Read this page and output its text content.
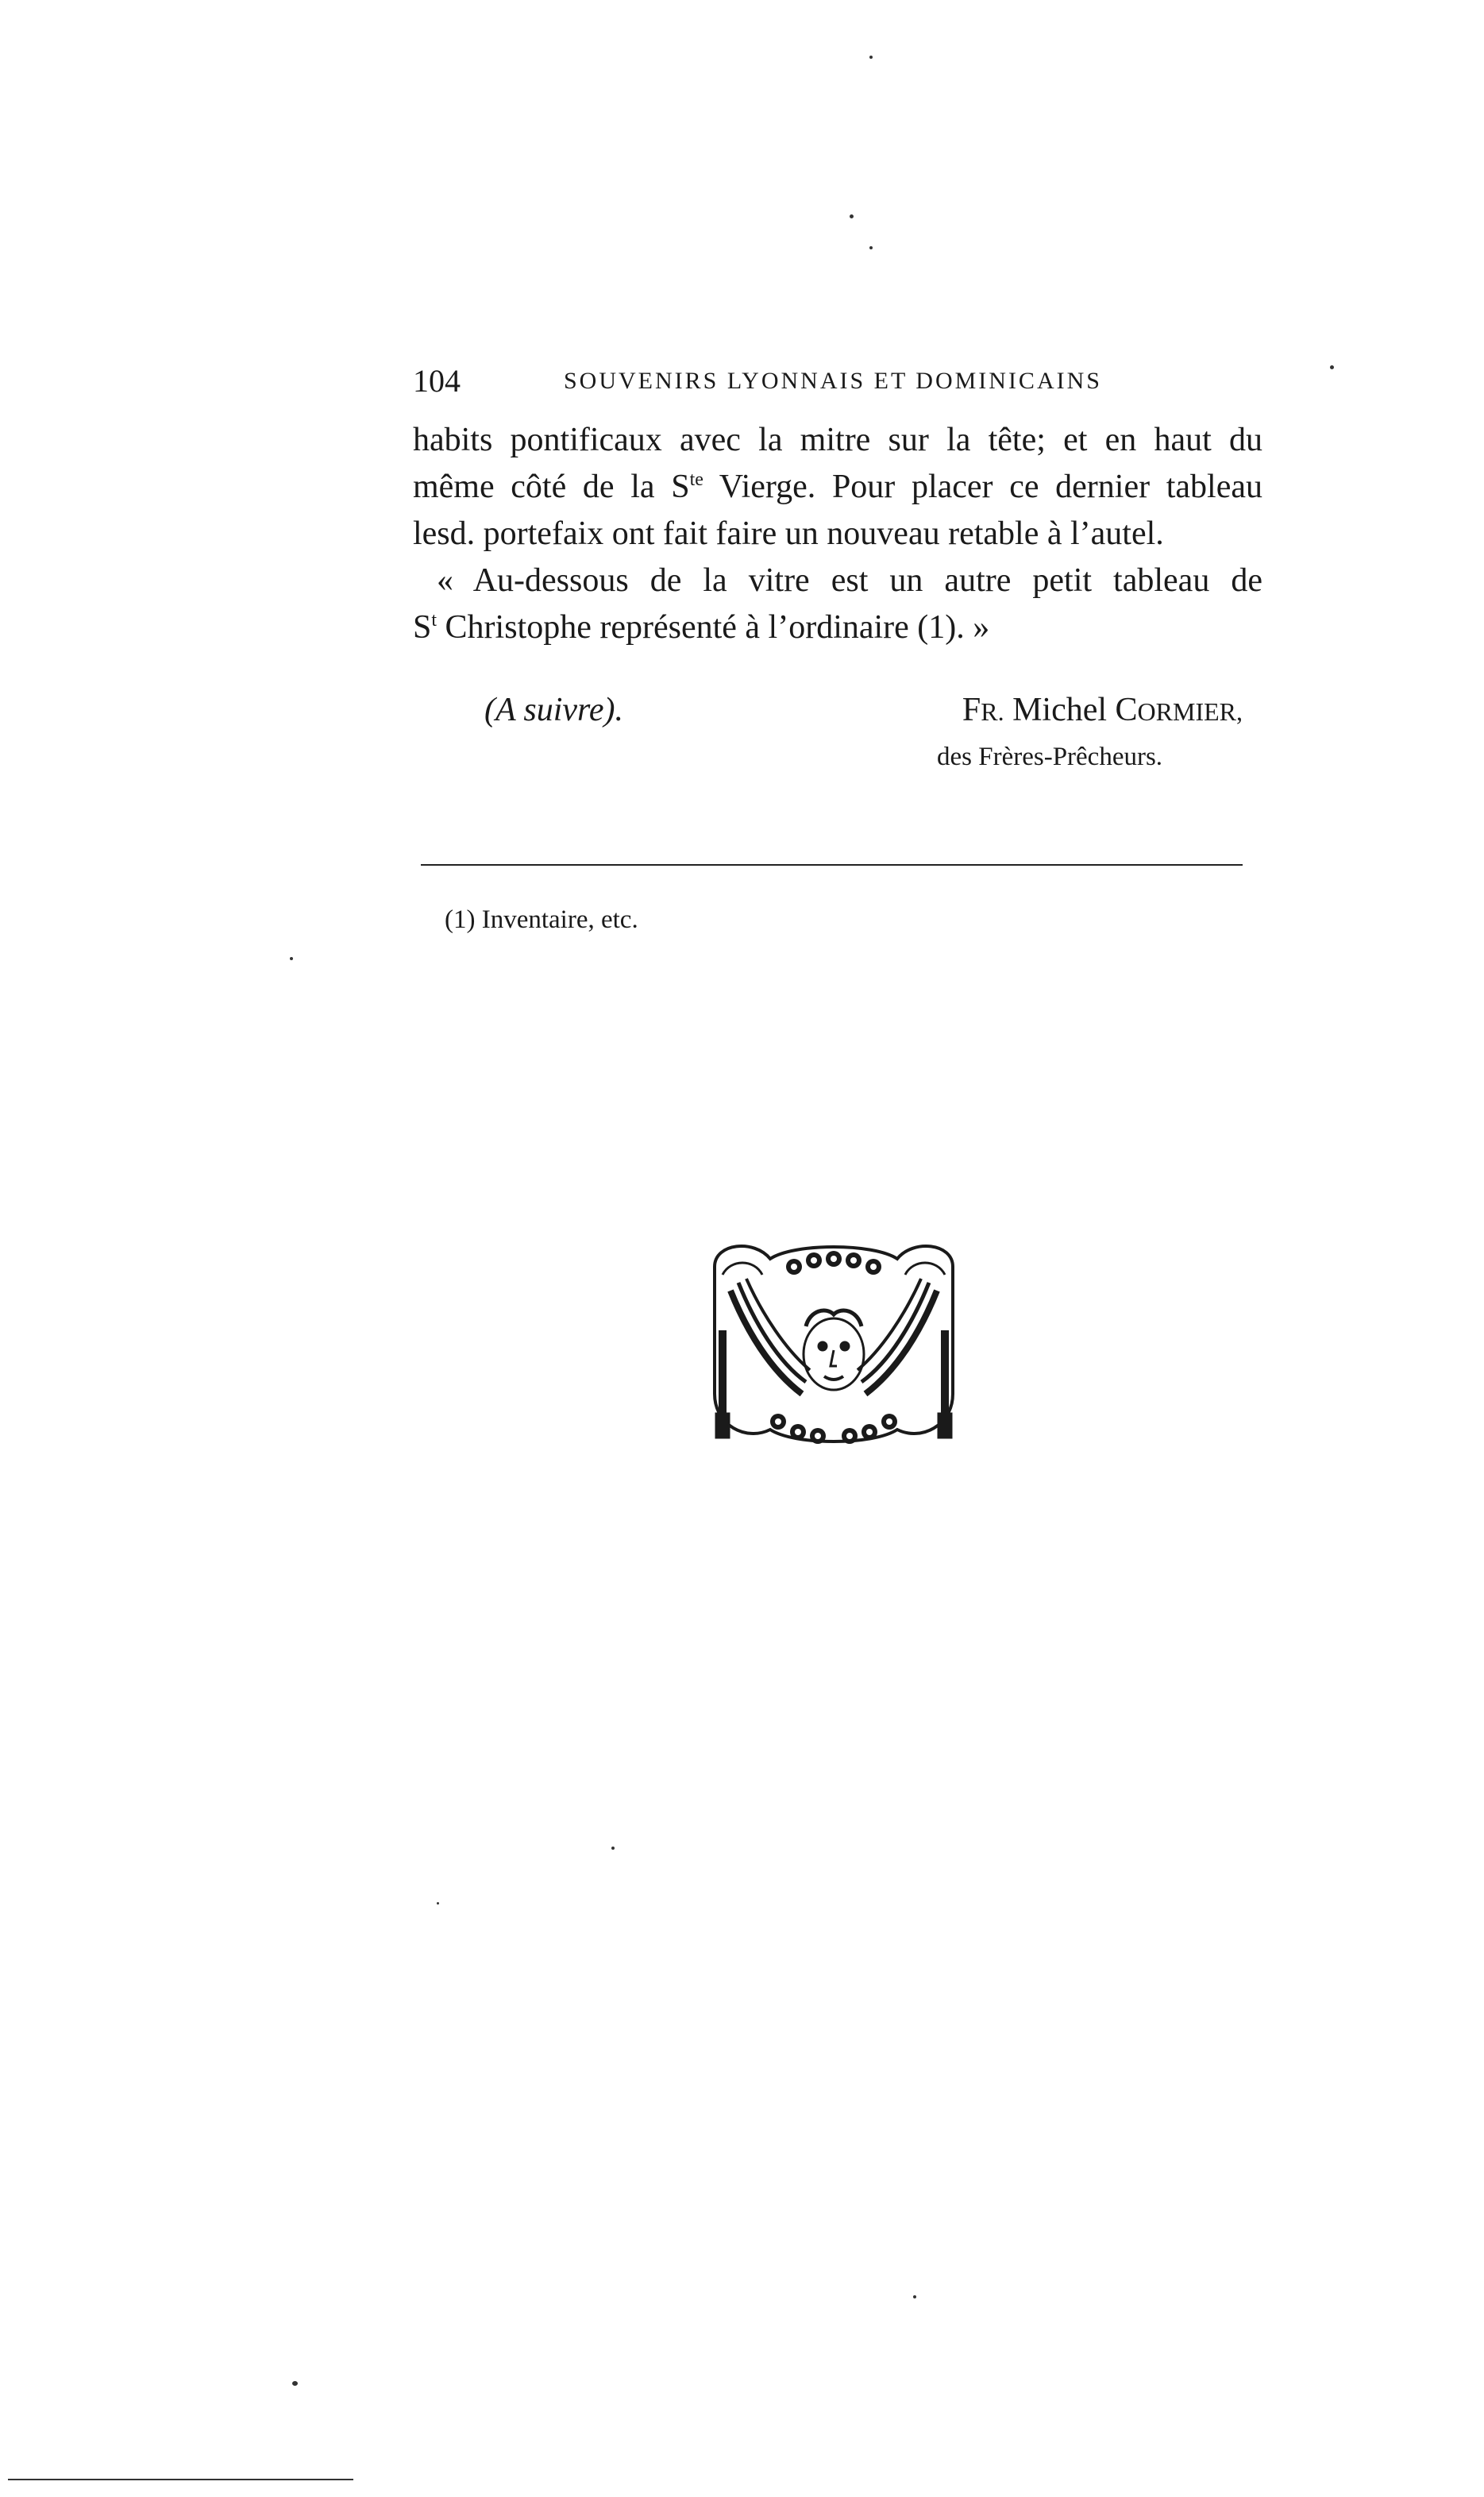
104	SOUVENIRS LYONNAIS ET DOMINICAINS
habits pontificaux avec la mitre sur la tête; et en haut du
même côté de la $S^{te}$ Vierge. Pour placer ce dernier tableau
lesd. portefaix ont fait faire un nouveau retable à l’autel.
« Au-dessous de la vitre est un autre petit tableau de
$S^t$ Christophe représenté à l’ordinaire (1). »
(A suivre).	FR. Michel CORMIER,
des Frères-Prêcheurs.
(1) Inventaire, etc.
